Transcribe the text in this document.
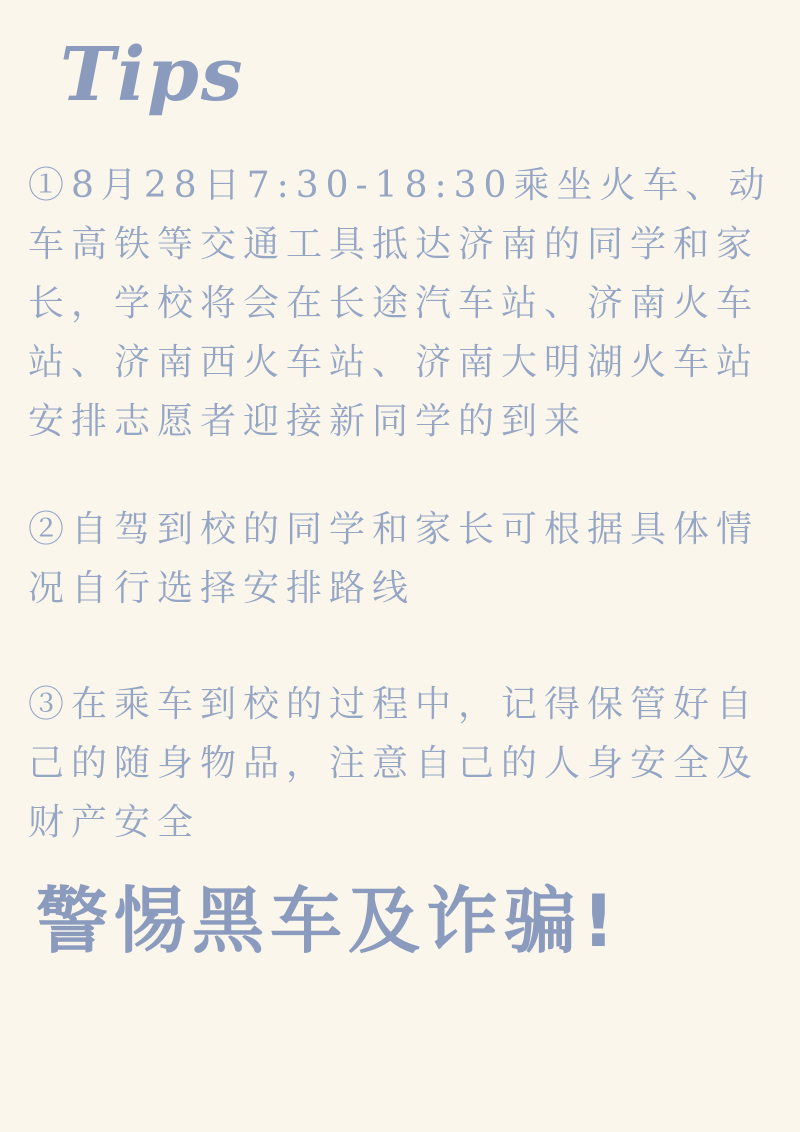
Tips
①8月28日7:30-18:30乘坐火车、动车高铁等交通工具抵达济南的同学和家长，学校将会在长途汽车站、济南火车站、济南西火车站、济南大明湖火车站安排志愿者迎接新同学的到来
②自驾到校的同学和家长可根据具体情况自行选择安排路线
③在乘车到校的过程中，记得保管好自己的随身物品，注意自己的人身安全及财产安全
警惕黑车及诈骗!
